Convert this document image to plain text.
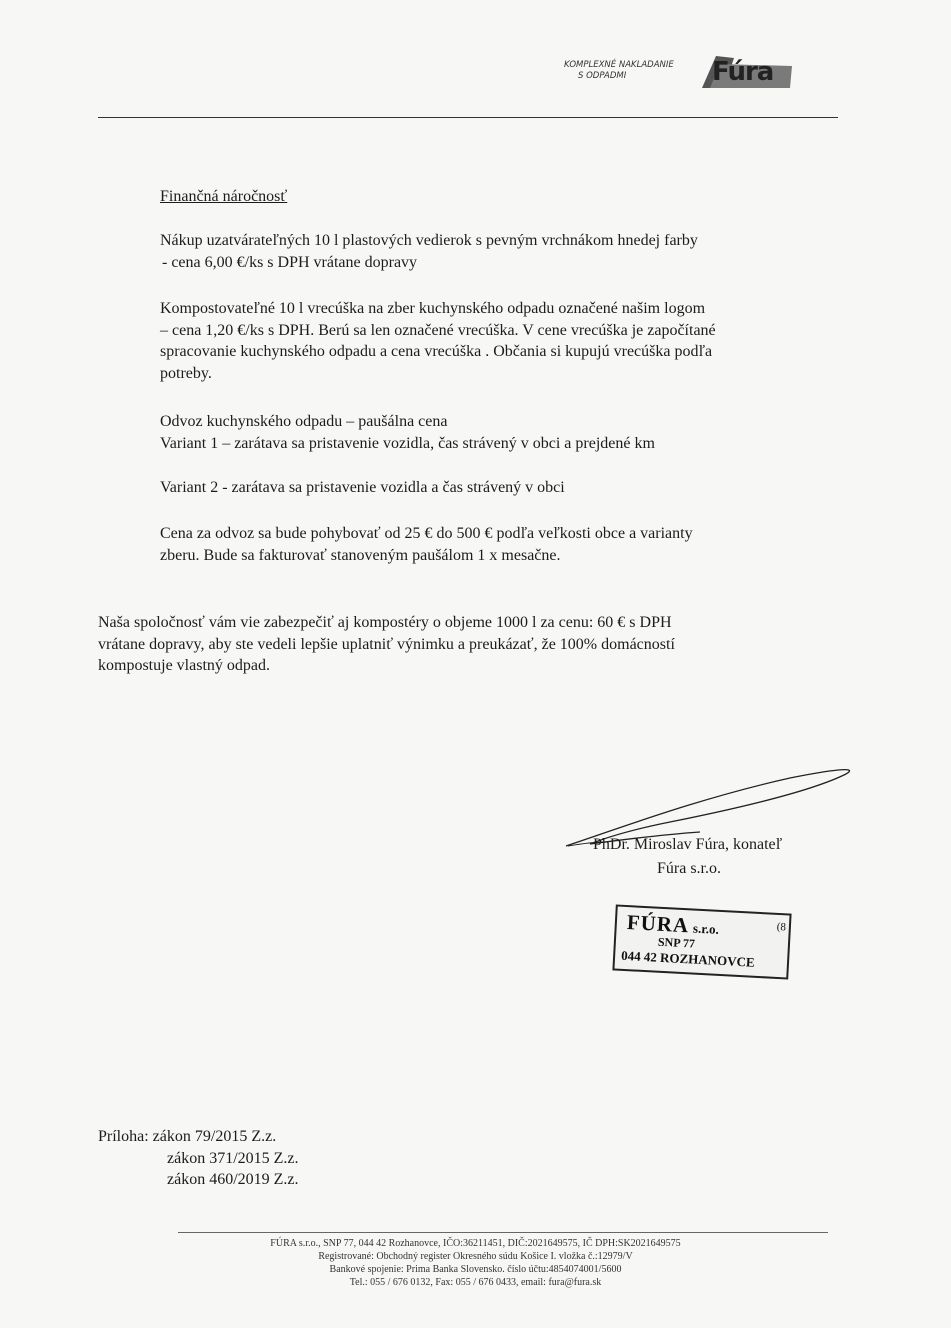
KOMPLEXNÉ NAKLADANIE
S ODPADMI	Fúra
Finančná náročnosť
Nákup uzatvárateľných 10 l plastových vedierok s pevným vrchnákom hnedej farby
- cena 6,00 €/ks s DPH vrátane dopravy
Kompostovateľné 10 l vrecúška na zber kuchynského odpadu označené našim logom
– cena 1,20 €/ks s DPH. Berú sa len označené vrecúška. V cene vrecúška je započítané
spracovanie kuchynského odpadu a cena vrecúška . Občania si kupujú vrecúška podľa
potreby.
Odvoz kuchynského odpadu – paušálna cena
Variant 1 – zarátava sa pristavenie vozidla, čas strávený v obci a prejdené km
Variant 2 - zarátava sa pristavenie vozidla a čas strávený v obci
Cena za odvoz sa bude pohybovať od 25 € do 500 € podľa veľkosti obce a varianty
zberu. Bude sa fakturovať stanoveným paušálom 1 x mesačne.
Naša spoločnosť vám vie zabezpečiť aj kompostéry o objeme 1000 l za cenu: 60 € s DPH
vrátane dopravy, aby ste vedeli lepšie uplatniť výnimku a preukázať, že 100% domácností
kompostuje vlastný odpad.
PhDr. Miroslav Fúra, konateľ
Fúra s.r.o.
FÚRA s.r.o.	(8
SNP 77
044 42 ROZHANOVCE
Príloha: zákon 79/2015 Z.z.
zákon 371/2015 Z.z.
zákon 460/2019 Z.z.
FÚRA s.r.o., SNP 77, 044 42 Rozhanovce, IČO:36211451, DIČ:2021649575, IČ DPH:SK2021649575
Registrované: Obchodný register Okresného súdu Košice I. vložka č.:12979/V
Bankové spojenie: Prima Banka Slovensko. číslo účtu:4854074001/5600
Tel.: 055 / 676 0132, Fax: 055 / 676 0433, email: fura@fura.sk
